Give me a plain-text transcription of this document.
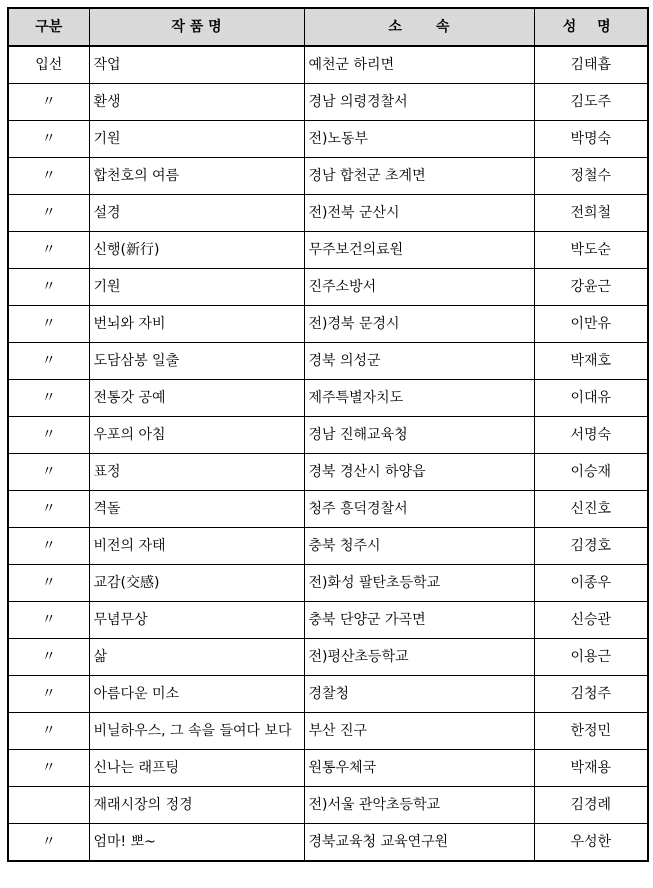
구분	작 품 명	소       속	성 명
입선	작업	예천군 하리면	김태흡
〃	환생	경남 의령경찰서	김도주
〃	기원	전)노동부	박명숙
〃	합천호의 여름	경남 합천군 초계면	정철수
〃	설경	전)전북 군산시	전희철
〃	신행(新行)	무주보건의료원	박도순
〃	기원	진주소방서	강윤근
〃	번뇌와 자비	전)경북 문경시	이만유
〃	도담삼봉 일출	경북 의성군	박재호
〃	전통갓 공예	제주특별자치도	이대유
〃	우포의 아침	경남 진해교육청	서명숙
〃	표정	경북 경산시 하양읍	이승재
〃	격돌	청주 흥덕경찰서	신진호
〃	비전의 자태	충북 청주시	김경호
〃	교감(交感)	전)화성 팔탄초등학교	이종우
〃	무념무상	충북 단양군 가곡면	신승관
〃	삶	전)평산초등학교	이용근
〃	아름다운 미소	경찰청	김청주
〃	비닐하우스, 그 속을 들여다 보다	부산 진구	한정민
〃	신나는 래프팅	원통우체국	박재용
	재래시장의 정경	전)서울 관악초등학교	김경례
〃	엄마! 뽀~	경북교육청 교육연구원	우성한
